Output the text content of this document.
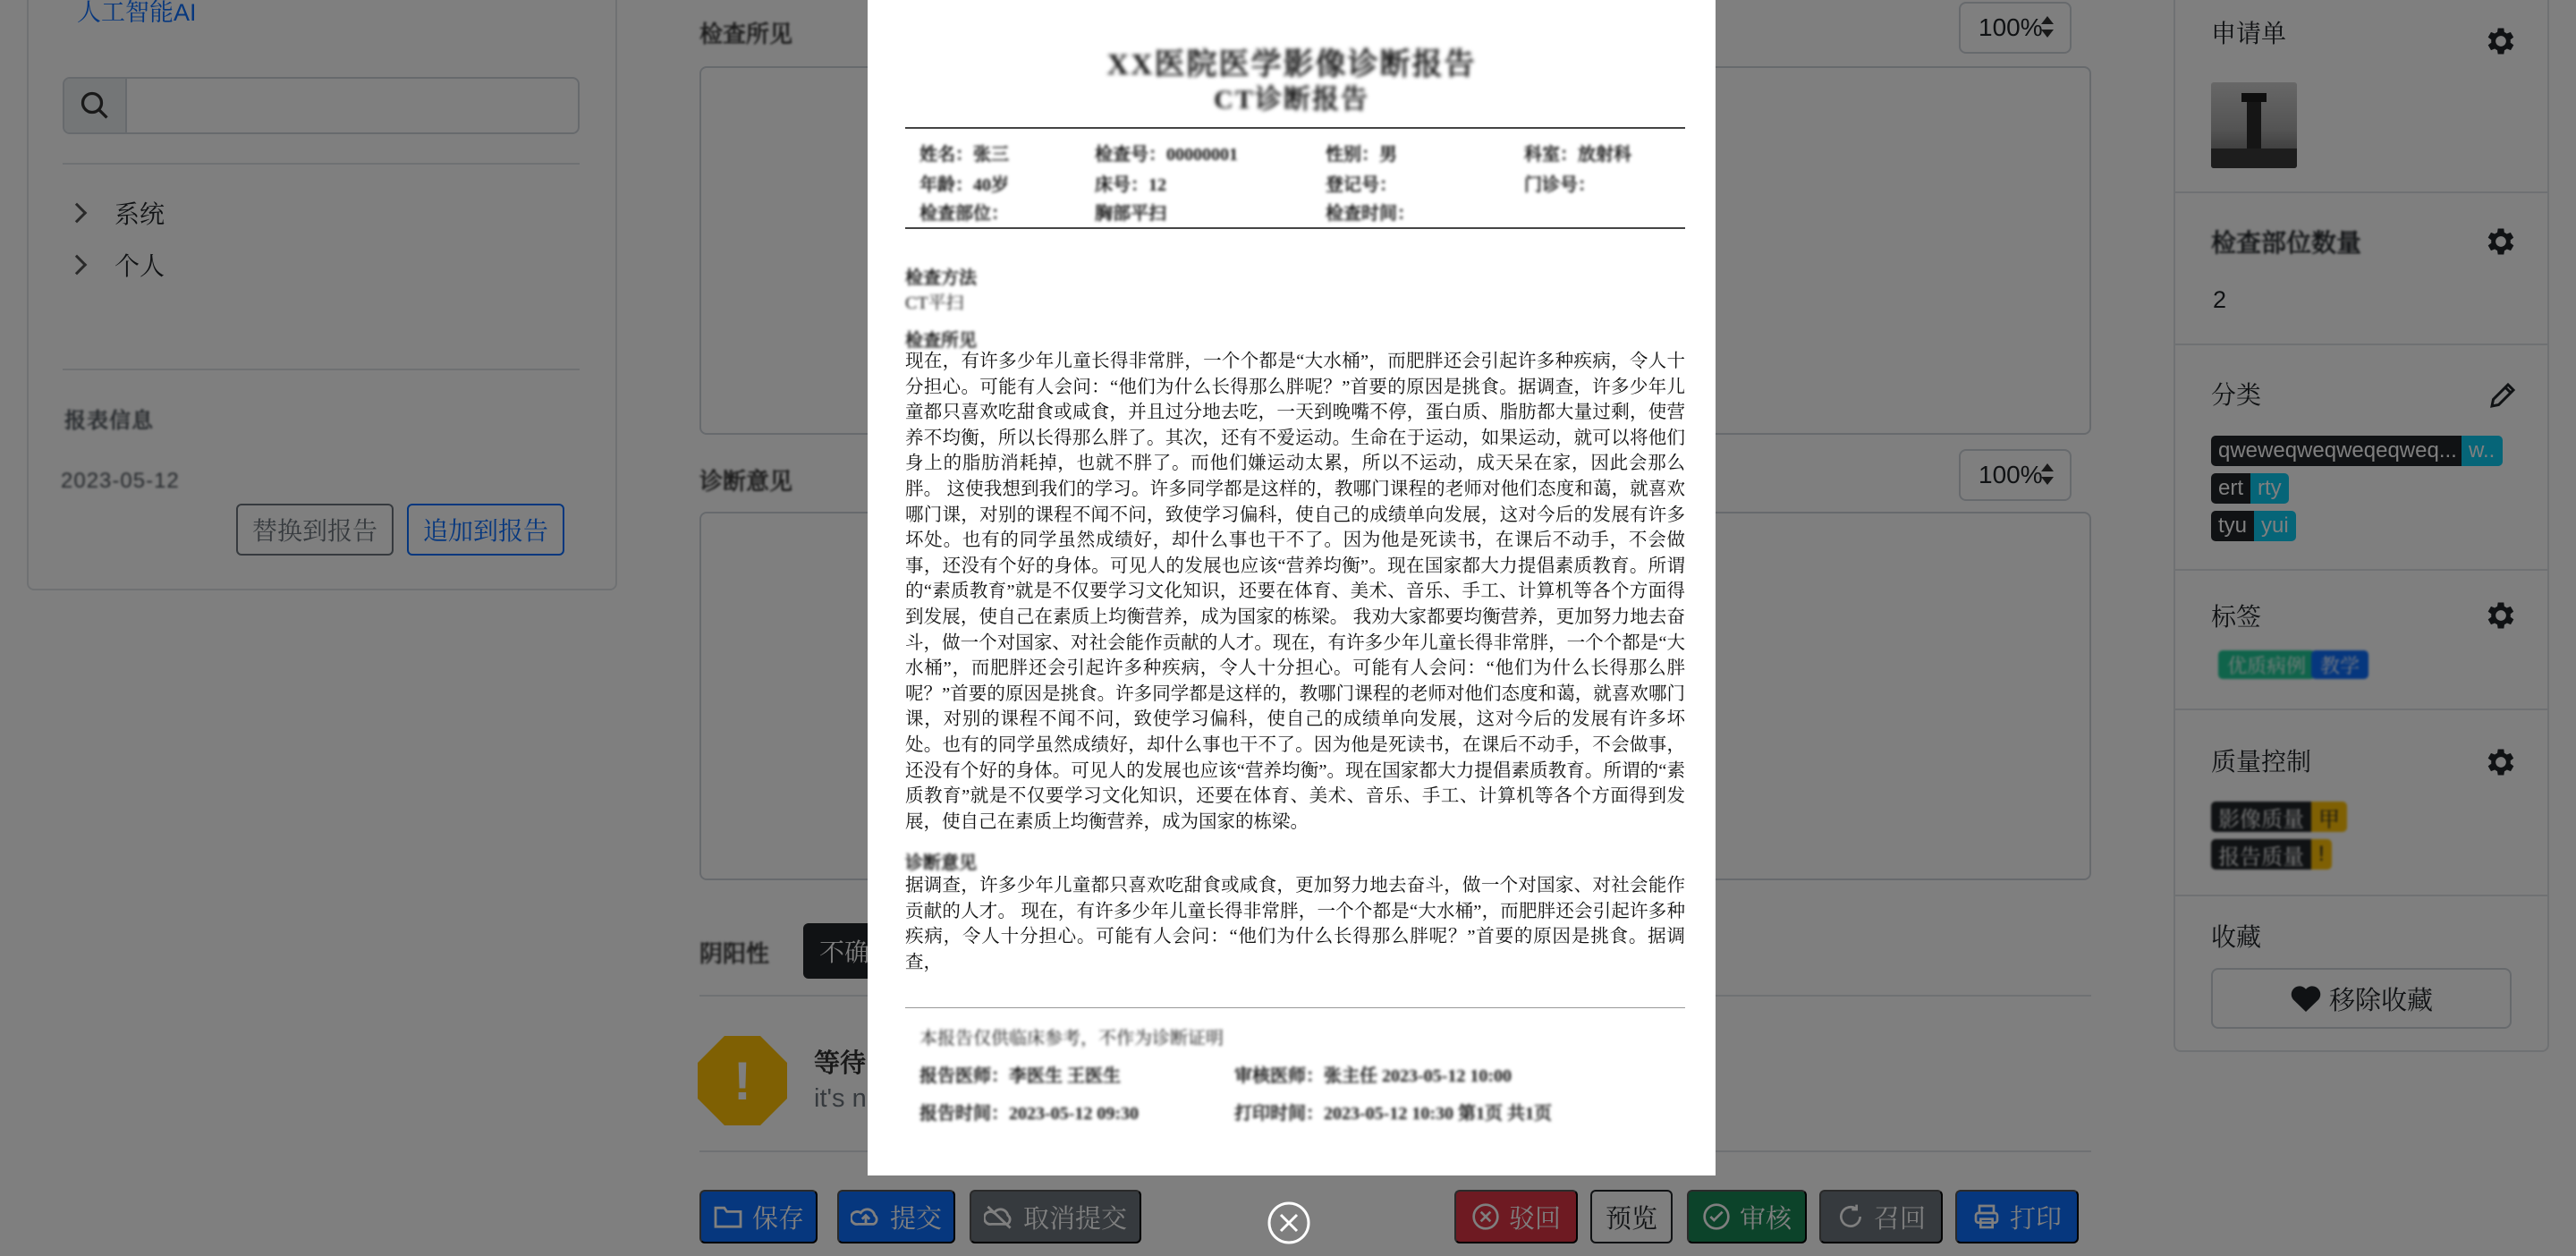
XX医院医学影像诊断报告
CT诊断报告
姓名：张三	检查号：00000001	性别：男	科室：放射科
年龄：40岁	床号：12	登记号：	门诊号：
检查部位：	胸部平扫	检查时间：
检查方法
CT平扫
检查所见
现在，有许多少年儿童长得非常胖，一个个都是“大水桶”，而肥胖还会引起许多种疾病，令人十分担心。可能有人会问：“他们为什么长得那么胖呢？”首要的原因是挑食。据调查，许多少年儿童都只喜欢吃甜食或咸食，并且过分地去吃，一天到晚嘴不停，蛋白质、脂肪都大量过剩，使营养不均衡，所以长得那么胖了。其次，还有不爱运动。生命在于运动，如果运动，就可以将他们身上的脂肪消耗掉，也就不胖了。而他们嫌运动太累，所以不运动，成天呆在家，因此会那么胖。 这使我想到我们的学习。许多同学都是这样的，教哪门课程的老师对他们态度和蔼，就喜欢哪门课，对别的课程不闻不问，致使学习偏科，使自己的成绩单向发展，这对今后的发展有许多坏处。也有的同学虽然成绩好，却什么事也干不了。因为他是死读书，在课后不动手，不会做事，还没有个好的身体。可见人的发展也应该“营养均衡”。现在国家都大力提倡素质教育。所谓的“素质教育”就是不仅要学习文化知识，还要在体育、美术、音乐、手工、计算机等各个方面得到发展，使自己在素质上均衡营养，成为国家的栋梁。 我劝大家都要均衡营养，更加努力地去奋斗，做一个对国家、对社会能作贡献的人才。现在，有许多少年儿童长得非常胖，一个个都是“大水桶”，而肥胖还会引起许多种疾病，令人十分担心。可能有人会问：“他们为什么长得那么胖呢？”首要的原因是挑食。许多同学都是这样的，教哪门课程的老师对他们态度和蔼，就喜欢哪门课，对别的课程不闻不问，致使学习偏科，使自己的成绩单向发展，这对今后的发展有许多坏处。也有的同学虽然成绩好，却什么事也干不了。因为他是死读书，在课后不动手，不会做事，还没有个好的身体。可见人的发展也应该“营养均衡”。现在国家都大力提倡素质教育。所谓的“素质教育”就是不仅要学习文化知识，还要在体育、美术、音乐、手工、计算机等各个方面得到发展，使自己在素质上均衡营养，成为国家的栋梁。
诊断意见
据调查，许多少年儿童都只喜欢吃甜食或咸食，更加努力地去奋斗，做一个对国家、对社会能作贡献的人才。 现在，有许多少年儿童长得非常胖，一个个都是“大水桶”，而肥胖还会引起许多种疾病，令人十分担心。可能有人会问：“他们为什么长得那么胖呢？”首要的原因是挑食。据调查，
本报告仅供临床参考，不作为诊断证明
报告医师：李医生 王医生	审核医师：张主任 2023-05-12 10:00
报告时间：2023-05-12 09:30	打印时间：2023-05-12 10:30 第1页 共1页
